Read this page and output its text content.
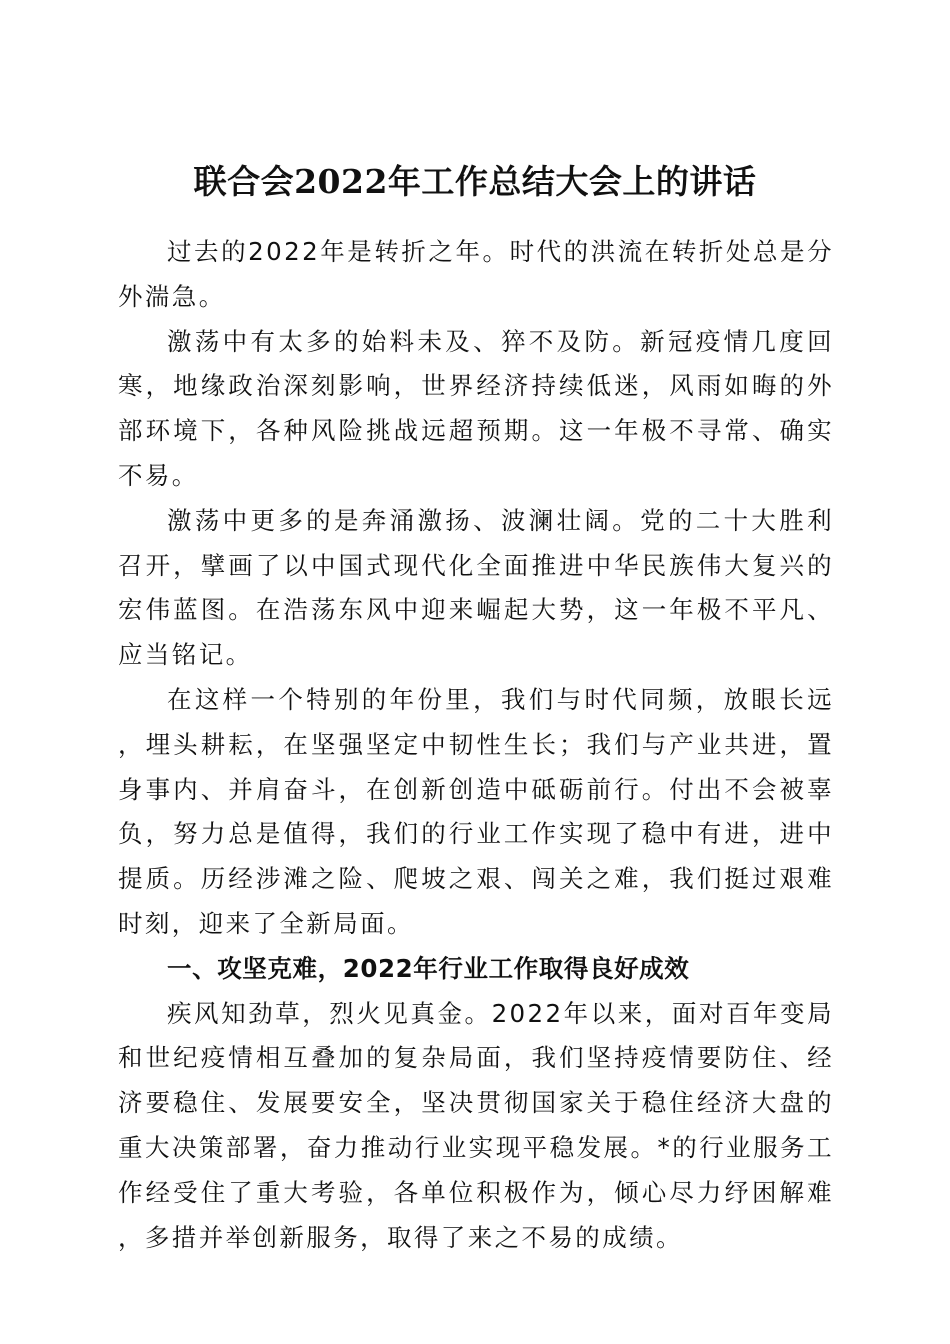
联合会2022年工作总结大会上的讲话

过去的2022年是转折之年。时代的洪流在转折处总是分外湍急。

激荡中有太多的始料未及、猝不及防。新冠疫情几度回寒，地缘政治深刻影响，世界经济持续低迷，风雨如晦的外部环境下，各种风险挑战远超预期。这一年极不寻常、确实不易。

激荡中更多的是奔涌激扬、波澜壮阔。党的二十大胜利召开，擘画了以中国式现代化全面推进中华民族伟大复兴的宏伟蓝图。在浩荡东风中迎来崛起大势，这一年极不平凡、应当铭记。

在这样一个特别的年份里，我们与时代同频，放眼长远，埋头耕耘，在坚强坚定中韧性生长；我们与产业共进，置身事内、并肩奋斗，在创新创造中砥砺前行。付出不会被辜负，努力总是值得，我们的行业工作实现了稳中有进，进中提质。历经涉滩之险、爬坡之艰、闯关之难，我们挺过艰难时刻，迎来了全新局面。

一、攻坚克难，2022年行业工作取得良好成效

疾风知劲草，烈火见真金。2022年以来，面对百年变局和世纪疫情相互叠加的复杂局面，我们坚持疫情要防住、经济要稳住、发展要安全，坚决贯彻国家关于稳住经济大盘的重大决策部署，奋力推动行业实现平稳发展。*的行业服务工作经受住了重大考验，各单位积极作为，倾心尽力纾困解难，多措并举创新服务，取得了来之不易的成绩。
